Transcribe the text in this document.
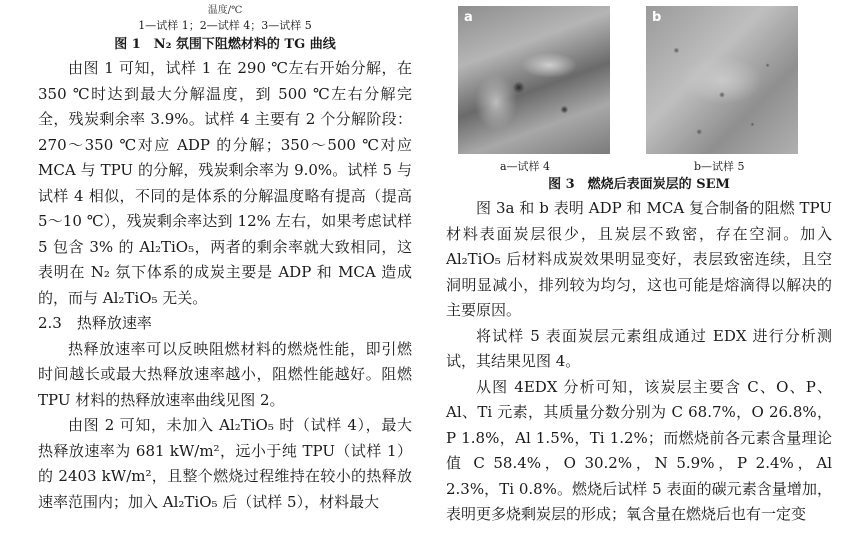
温度/℃
1—试样 1；2—试样 4；3—试样 5
图 1　N₂ 氛围下阻燃材料的 TG 曲线

由图 1 可知，试样 1 在 290 ℃左右开始分解，在 350 ℃时达到最大分解温度，到 500 ℃左右分解完全，残炭剩余率 3.9%。试样 4 主要有 2 个分解阶段：270～350 ℃对应 ADP 的分解；350～500 ℃对应 MCA 与 TPU 的分解，残炭剩余率为 9.0%。试样 5 与试样 4 相似，不同的是体系的分解温度略有提高（提高 5～10 ℃），残炭剩余率达到 12% 左右，如果考虑试样 5 包含 3% 的 Al₂TiO₅，两者的剩余率就大致相同，这表明在 N₂ 氛下体系的成炭主要是 ADP 和 MCA 造成的，而与 Al₂TiO₅ 无关。

2.3　热释放速率

热释放速率可以反映阻燃材料的燃烧性能，即引燃时间越长或最大热释放速率越小，阻燃性能越好。阻燃 TPU 材料的热释放速率曲线见图 2。

由图 2 可知，未加入 Al₂TiO₅ 时（试样 4），最大热释放速率为 681 kW/m²，远小于纯 TPU（试样 1）的 2403 kW/m²，且整个燃烧过程维持在较小的热释放速率范围内；加入 Al₂TiO₅ 后（试样 5），材料最大

a	b
a—试样 4	b—试样 5
图 3　燃烧后表面炭层的 SEM

图 3a 和 b 表明 ADP 和 MCA 复合制备的阻燃 TPU 材料表面炭层很少，且炭层不致密，存在空洞。加入 Al₂TiO₅ 后材料成炭效果明显变好，表层致密连续，且空洞明显减小，排列较为均匀，这也可能是熔滴得以解决的主要原因。

将试样 5 表面炭层元素组成通过 EDX 进行分析测试，其结果见图 4。

从图 4EDX 分析可知，该炭层主要含 C、O、P、Al、Ti 元素，其质量分数分别为 C 68.7%，O 26.8%，P 1.8%，Al 1.5%，Ti 1.2%；而燃烧前各元素含量理论值 C 58.4%，O 30.2%，N 5.9%，P 2.4%，Al 2.3%，Ti 0.8%。燃烧后试样 5 表面的碳元素含量增加，表明更多烧剩炭层的形成；氧含量在燃烧后也有一定变
